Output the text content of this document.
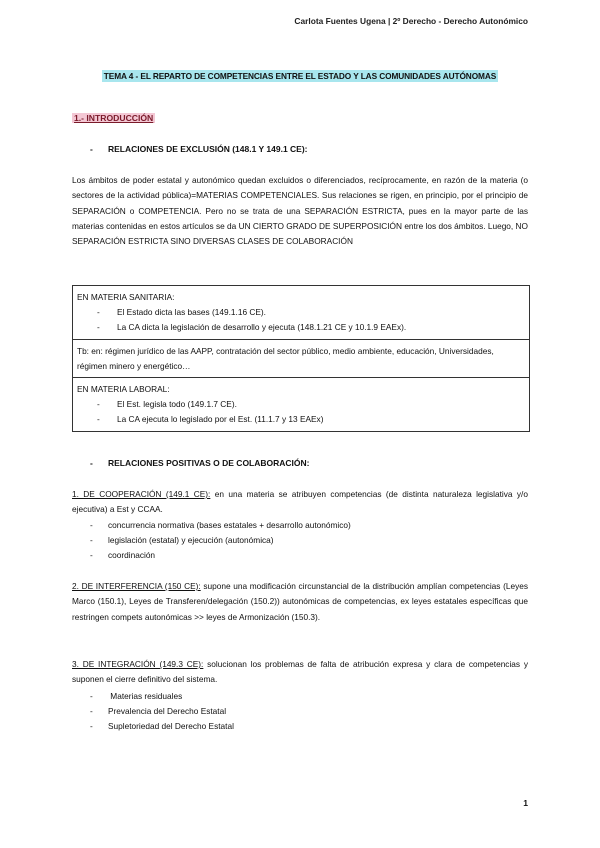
Carlota Fuentes Ugena | 2º Derecho - Derecho Autonómico
TEMA 4 - EL REPARTO DE COMPETENCIAS ENTRE EL ESTADO Y LAS COMUNIDADES AUTÓNOMAS
1.- INTRODUCCIÓN
- RELACIONES DE EXCLUSIÓN (148.1 Y 149.1 CE):
Los ámbitos de poder estatal y autonómico quedan excluidos o diferenciados, recíprocamente, en razón de la materia (o sectores de la actividad pública)=MATERIAS COMPETENCIALES. Sus relaciones se rigen, en principio, por el principio de SEPARACIÓN o COMPETENCIA. Pero no se trata de una SEPARACIÓN ESTRICTA, pues en la mayor parte de las materias contenidas en estos artículos se da UN CIERTO GRADO DE SUPERPOSICIÓN entre los dos ámbitos. Luego, NO SEPARACIÓN ESTRICTA SINO DIVERSAS CLASES DE COLABORACIÓN
EN MATERIA SANITARIA:
- El Estado dicta las bases (149.1.16 CE).
- La CA dicta la legislación de desarrollo y ejecuta (148.1.21 CE y 10.1.9 EAEx).
Tb: en: régimen jurídico de las AAPP, contratación del sector público, medio ambiente, educación, Universidades, régimen minero y energético…
EN MATERIA LABORAL:
- El Est. legisla todo (149.1.7 CE).
- La CA ejecuta lo legislado por el Est. (11.1.7 y 13 EAEx)
- RELACIONES POSITIVAS O DE COLABORACIÓN:
1. DE COOPERACIÓN (149.1 CE): en una materia se atribuyen competencias (de distinta naturaleza legislativa y/o ejecutiva) a Est y CCAA.
- concurrencia normativa (bases estatales + desarrollo autonómico)
- legislación (estatal) y ejecución (autonómica)
- coordinación
2. DE INTERFERENCIA (150 CE): supone una modificación circunstancial de la distribución amplían competencias (Leyes Marco (150.1), Leyes de Transferen/delegación (150.2)) autonómicas de competencias, ex leyes estatales específicas que restringen compets autonómicas >> leyes de Armonización (150.3).
3. DE INTEGRACIÓN (149.3 CE): solucionan los problemas de falta de atribución expresa y clara de competencias y suponen el cierre definitivo del sistema.
- Materias residuales
- Prevalencia del Derecho Estatal
- Supletoriedad del Derecho Estatal
1
